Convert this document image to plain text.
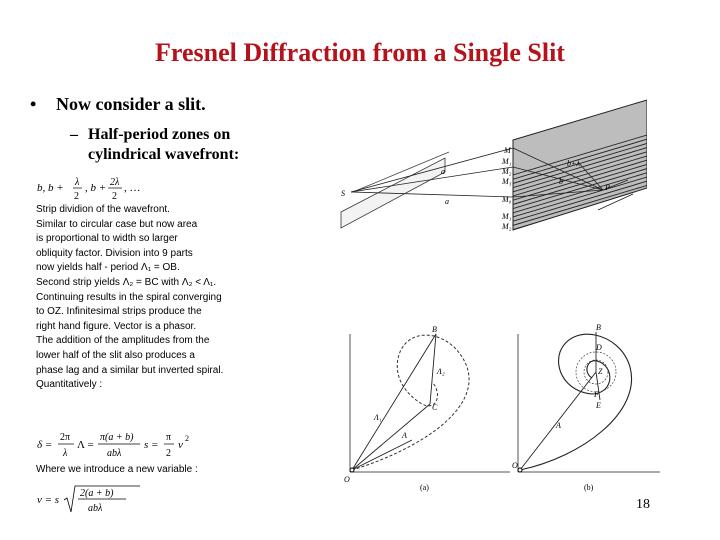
Fresnel Diffraction from a Single Slit
• Now consider a slit.
– Half-period zones on
cylindrical wavefront:
b, b + λ
2
, b + 2λ
2
, …
Strip dividion of the wavefront.
Similar to circular case but now area
is proportional to width so larger
obliquity factor. Division into 9 parts
now yields half - period Λ₁ = OB.
Second strip yields Λ₂ = BC with Λ₂ < Λ₁.
Continuing results in the spiral converging
to OZ. Infinitesimal strips produce the
right hand figure. Vector is a phasor.
The addition of the amplitudes from the
lower half of the slit also produces a
phase lag and a similar but inverted spiral.
Quantitatively :
δ =
2π
λ
Λ =
π(a + b)
abλ
s =
π
2
v
2
Where we introduce a new variable :
v = s
2(a + b)
abλ
S
M
M₁
M₂
M₃
M₀
M₁'
M₂'
a
a
b
b+λ
P
B
C
O
Λ₁
Λ₂
A
(a)
B
D
Z
F
E
A
O
(b)
18
